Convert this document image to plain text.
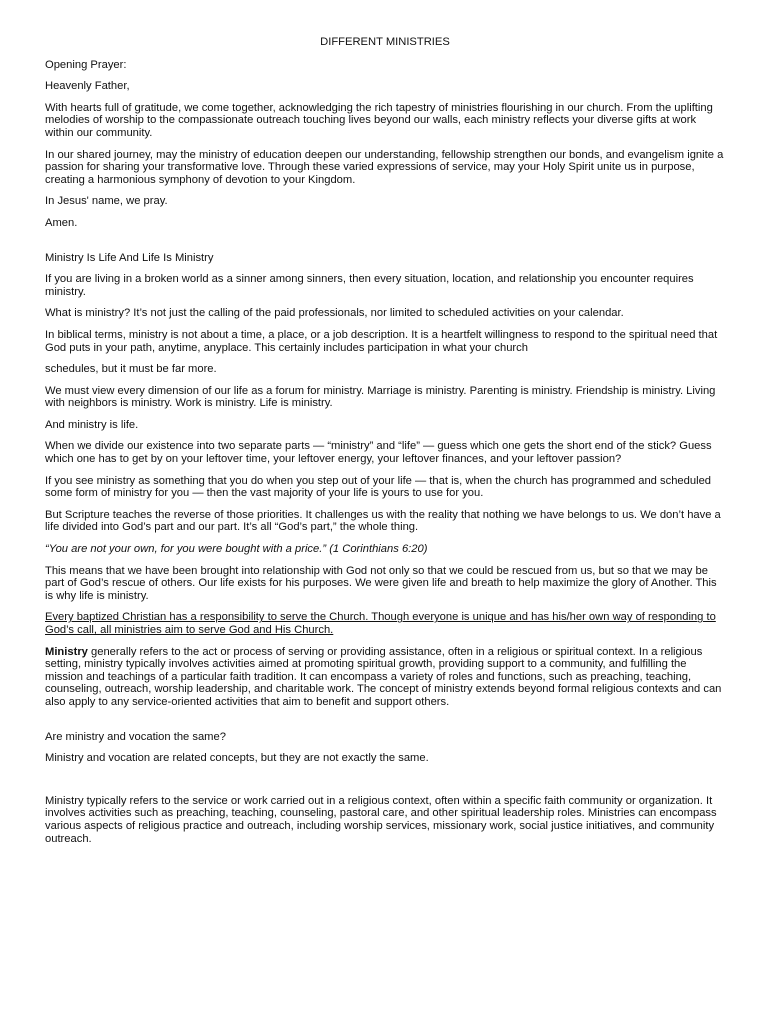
DIFFERENT MINISTRIES

Opening Prayer:

Heavenly Father,

With hearts full of gratitude, we come together, acknowledging the rich tapestry of ministries flourishing in our church. From the uplifting melodies of worship to the compassionate outreach touching lives beyond our walls, each ministry reflects your diverse gifts at work within our community.

In our shared journey, may the ministry of education deepen our understanding, fellowship strengthen our bonds, and evangelism ignite a passion for sharing your transformative love. Through these varied expressions of service, may your Holy Spirit unite us in purpose, creating a harmonious symphony of devotion to your Kingdom.

In Jesus' name, we pray.

Amen.

Ministry Is Life And Life Is Ministry

If you are living in a broken world as a sinner among sinners, then every situation, location, and relationship you encounter requires ministry.

What is ministry? It’s not just the calling of the paid professionals, nor limited to scheduled activities on your calendar.

In biblical terms, ministry is not about a time, a place, or a job description. It is a heartfelt willingness to respond to the spiritual need that God puts in your path, anytime, anyplace. This certainly includes participation in what your church

schedules, but it must be far more.

We must view every dimension of our life as a forum for ministry. Marriage is ministry. Parenting is ministry. Friendship is ministry. Living with neighbors is ministry. Work is ministry. Life is ministry.

And ministry is life.

When we divide our existence into two separate parts — “ministry” and “life” — guess which one gets the short end of the stick? Guess which one has to get by on your leftover time, your leftover energy, your leftover finances, and your leftover passion?

If you see ministry as something that you do when you step out of your life — that is, when the church has programmed and scheduled some form of ministry for you — then the vast majority of your life is yours to use for you.

But Scripture teaches the reverse of those priorities. It challenges us with the reality that nothing we have belongs to us. We don’t have a life divided into God’s part and our part. It’s all “God’s part,” the whole thing.

“You are not your own, for you were bought with a price.” (1 Corinthians 6:20)

This means that we have been brought into relationship with God not only so that we could be rescued from us, but so that we may be part of God’s rescue of others. Our life exists for his purposes. We were given life and breath to help maximize the glory of Another. This is why life is ministry.

Every baptized Christian has a responsibility to serve the Church. Though everyone is unique and has his/her own way of responding to God’s call, all ministries aim to serve God and His Church.

Ministry generally refers to the act or process of serving or providing assistance, often in a religious or spiritual context. In a religious setting, ministry typically involves activities aimed at promoting spiritual growth, providing support to a community, and fulfilling the mission and teachings of a particular faith tradition. It can encompass a variety of roles and functions, such as preaching, teaching, counseling, outreach, worship leadership, and charitable work. The concept of ministry extends beyond formal religious contexts and can also apply to any service-oriented activities that aim to benefit and support others.

Are ministry and vocation the same?

Ministry and vocation are related concepts, but they are not exactly the same.

Ministry typically refers to the service or work carried out in a religious context, often within a specific faith community or organization. It involves activities such as preaching, teaching, counseling, pastoral care, and other spiritual leadership roles. Ministries can encompass various aspects of religious practice and outreach, including worship services, missionary work, social justice initiatives, and community outreach.
